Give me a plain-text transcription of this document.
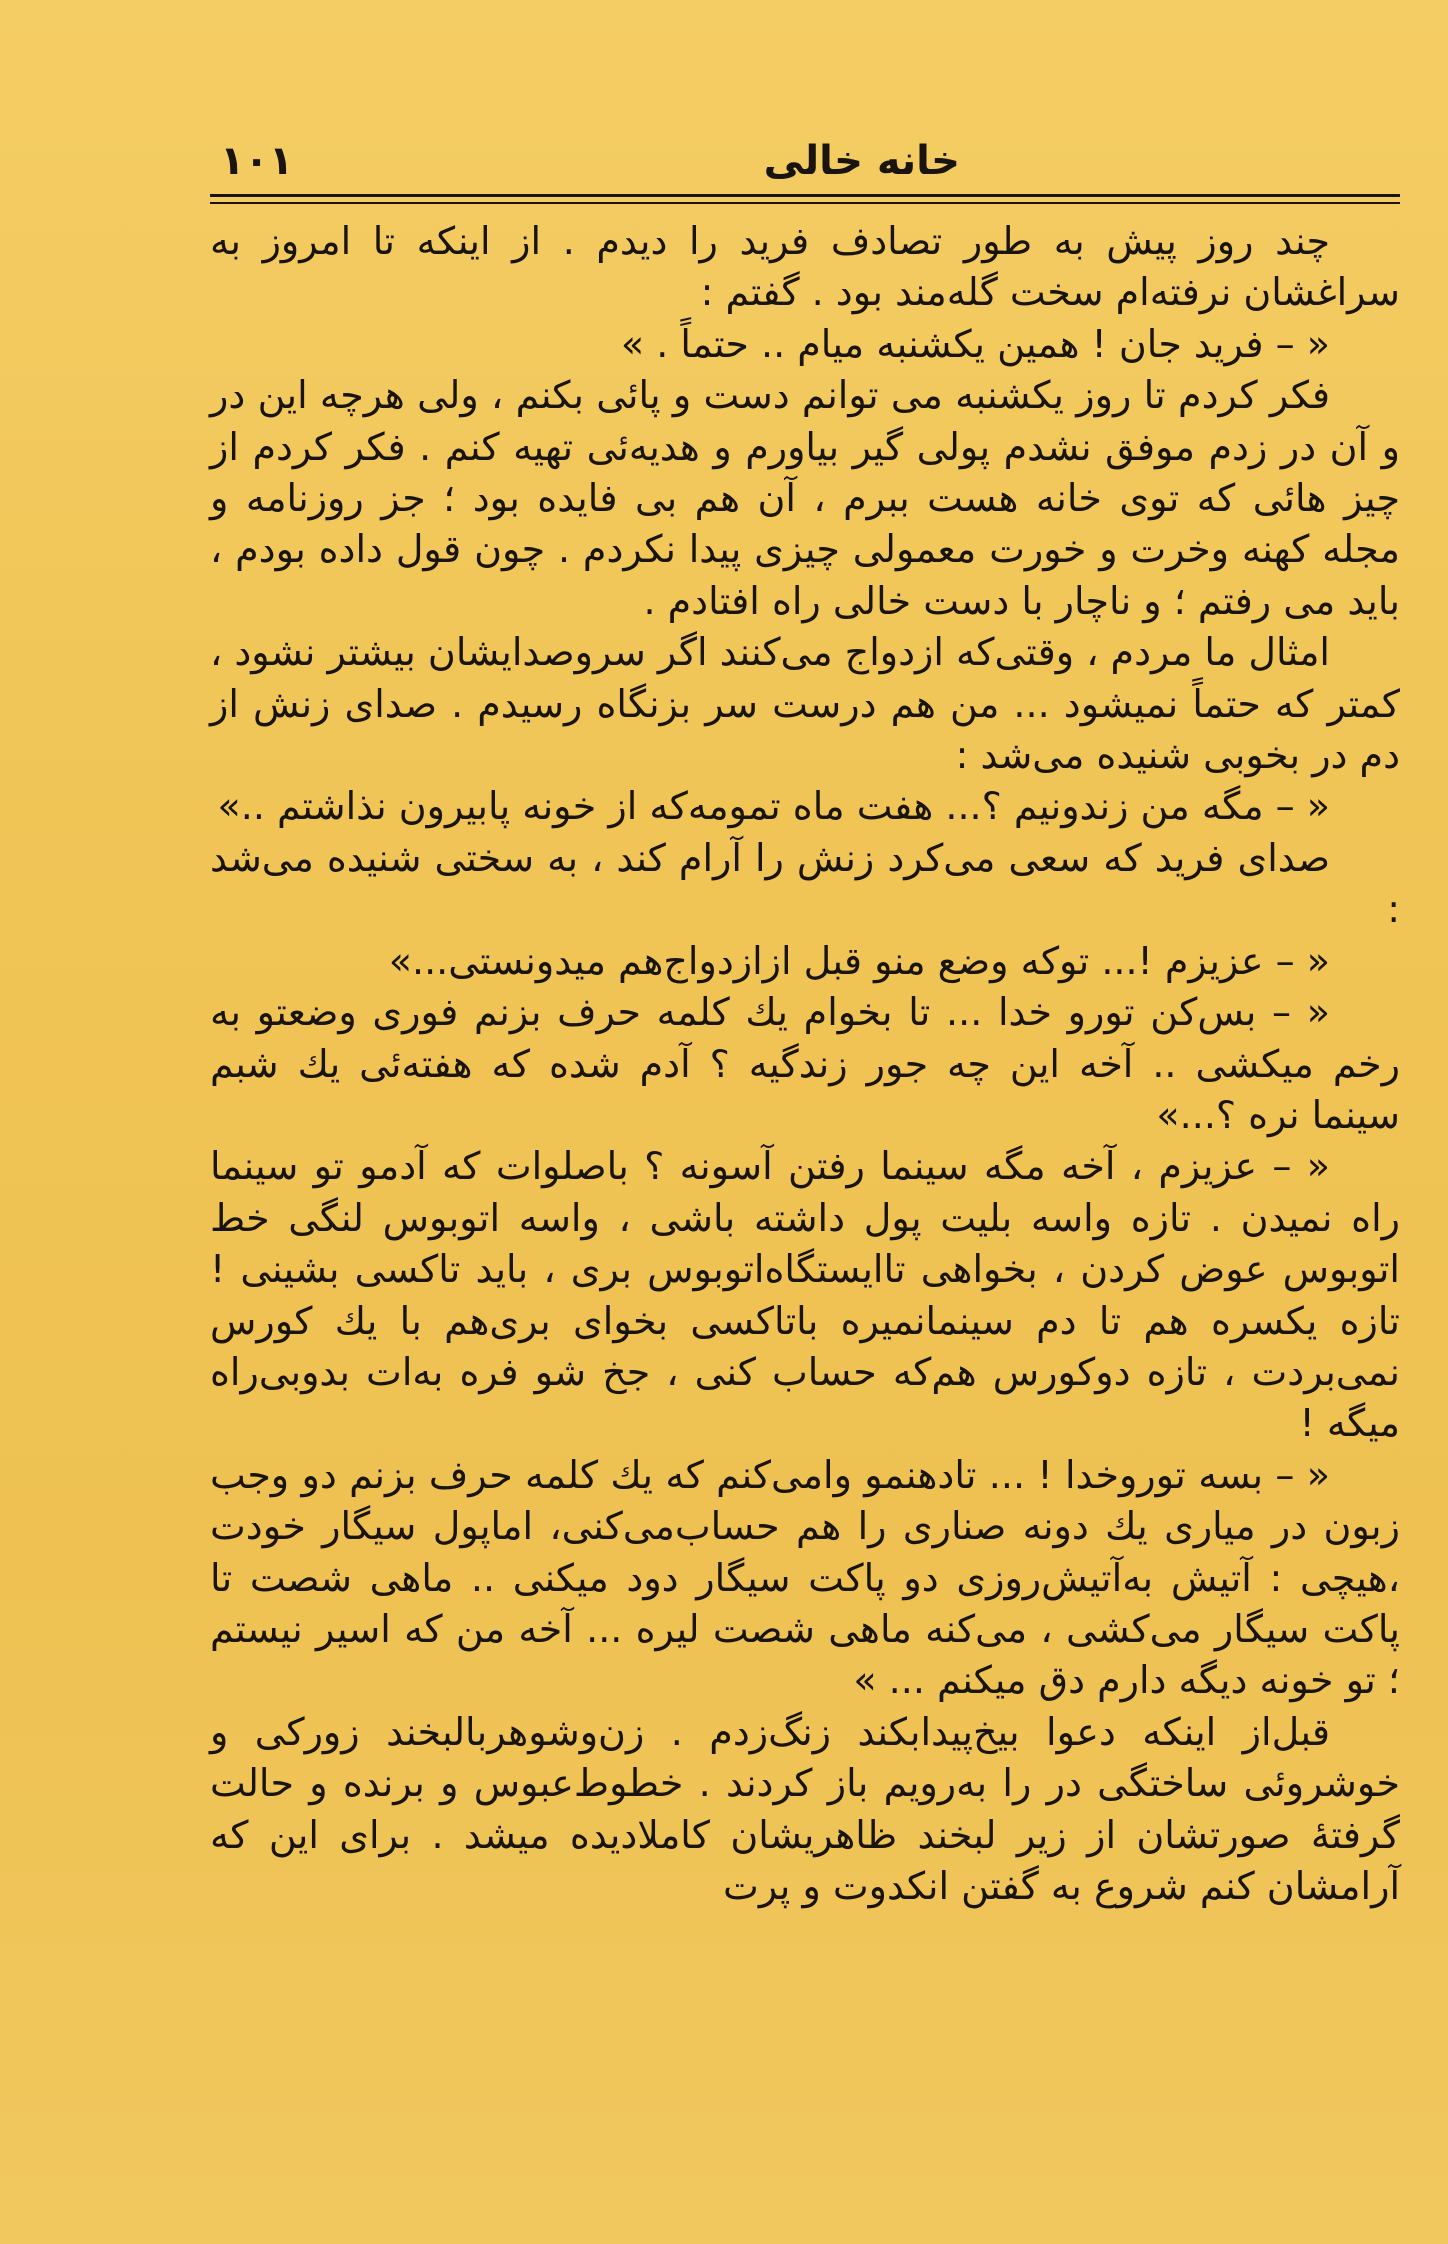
خانه خالی
۱۰۱

چند روز پیش به طور تصادف فرید را دیدم . از اینکه تا امروز به سراغشان نرفته‌ام سخت گله‌مند بود . گفتم :

« – فرید جان ! همین یکشنبه میام .. حتماً . »

فکر کردم تا روز یکشنبه می توانم دست و پائی بکنم ، ولی هرچه این در و آن در زدم موفق نشدم پولی گیر بیاورم و هدیه‌ئی تهیه کنم . فکر کردم از چیز هائی که توی خانه هست ببرم ، آن هم بی فایده بود ؛ جز روزنامه و مجله کهنه وخرت و خورت معمولی چیزی پیدا نکردم . چون قول داده بودم ، باید می رفتم ؛ و ناچار با دست خالی راه افتادم .

امثال ما مردم ، وقتی‌که ازدواج می‌کنند اگر سروصدایشان بیشتر نشود ، کمتر که حتماً نمیشود ... من هم درست سر بزنگاه رسیدم . صدای زنش از دم در بخوبی شنیده می‌شد :

« – مگه من زندونیم ؟... هفت ماه تمومه‌که از خونه پابیرون نذاشتم ..»

صدای فرید که سعی می‌کرد زنش را آرام کند ، به سختی شنیده می‌شد :

« – عزیزم !... توکه وضع منو قبل ازازدواج‌هم میدونستی...»

« – بس‌کن تورو خدا ... تا بخوام یك کلمه حرف بزنم فوری وضعتو به رخم میکشی .. آخه این چه جور زندگیه ؟ آدم شده که هفته‌ئی یك شبم سینما نره ؟...»

« – عزیزم ، آخه مگه سینما رفتن آسونه ؟ باصلوات که آدمو تو سینما راه نمیدن . تازه واسه بلیت پول داشته باشی ، واسه اتوبوس لنگی خط اتوبوس عوض کردن ، بخواهی تاایستگاه‌اتوبوس بری ، باید تاکسی بشینی ! تازه یکسره هم تا دم سینمانمیره باتاکسی بخوای بری‌هم با یك کورس نمی‌بردت ، تازه دوکورس هم‌که حساب کنی ، جخ شو فره به‌ات بدوبی‌راه میگه !

« – بسه توروخدا ! ... تادهنمو وامی‌کنم که یك کلمه حرف بزنم دو وجب زبون در میاری یك دونه صناری را هم حساب‌می‌کنی، اماپول سیگار خودت ،هیچی : آتیش به‌آتیش‌روزی دو پاکت سیگار دود میکنی .. ماهی شصت تا پاکت سیگار می‌کشی ، می‌کنه ماهی شصت لیره ... آخه من که اسیر نیستم ؛ تو خونه دیگه دارم دق میکنم ... »

قبل‌از اینکه دعوا بیخ‌پیدابکند زنگ‌زدم . زن‌وشوهربالبخند زورکی و خوشروئی ساختگی در را به‌رویم باز کردند . خطوط‌عبوس و برنده و حالت گرفتهٔ صورتشان از زیر لبخند ظاهریشان کاملادیده میشد . برای این که آرامشان کنم شروع به گفتن انکدوت و پرت
